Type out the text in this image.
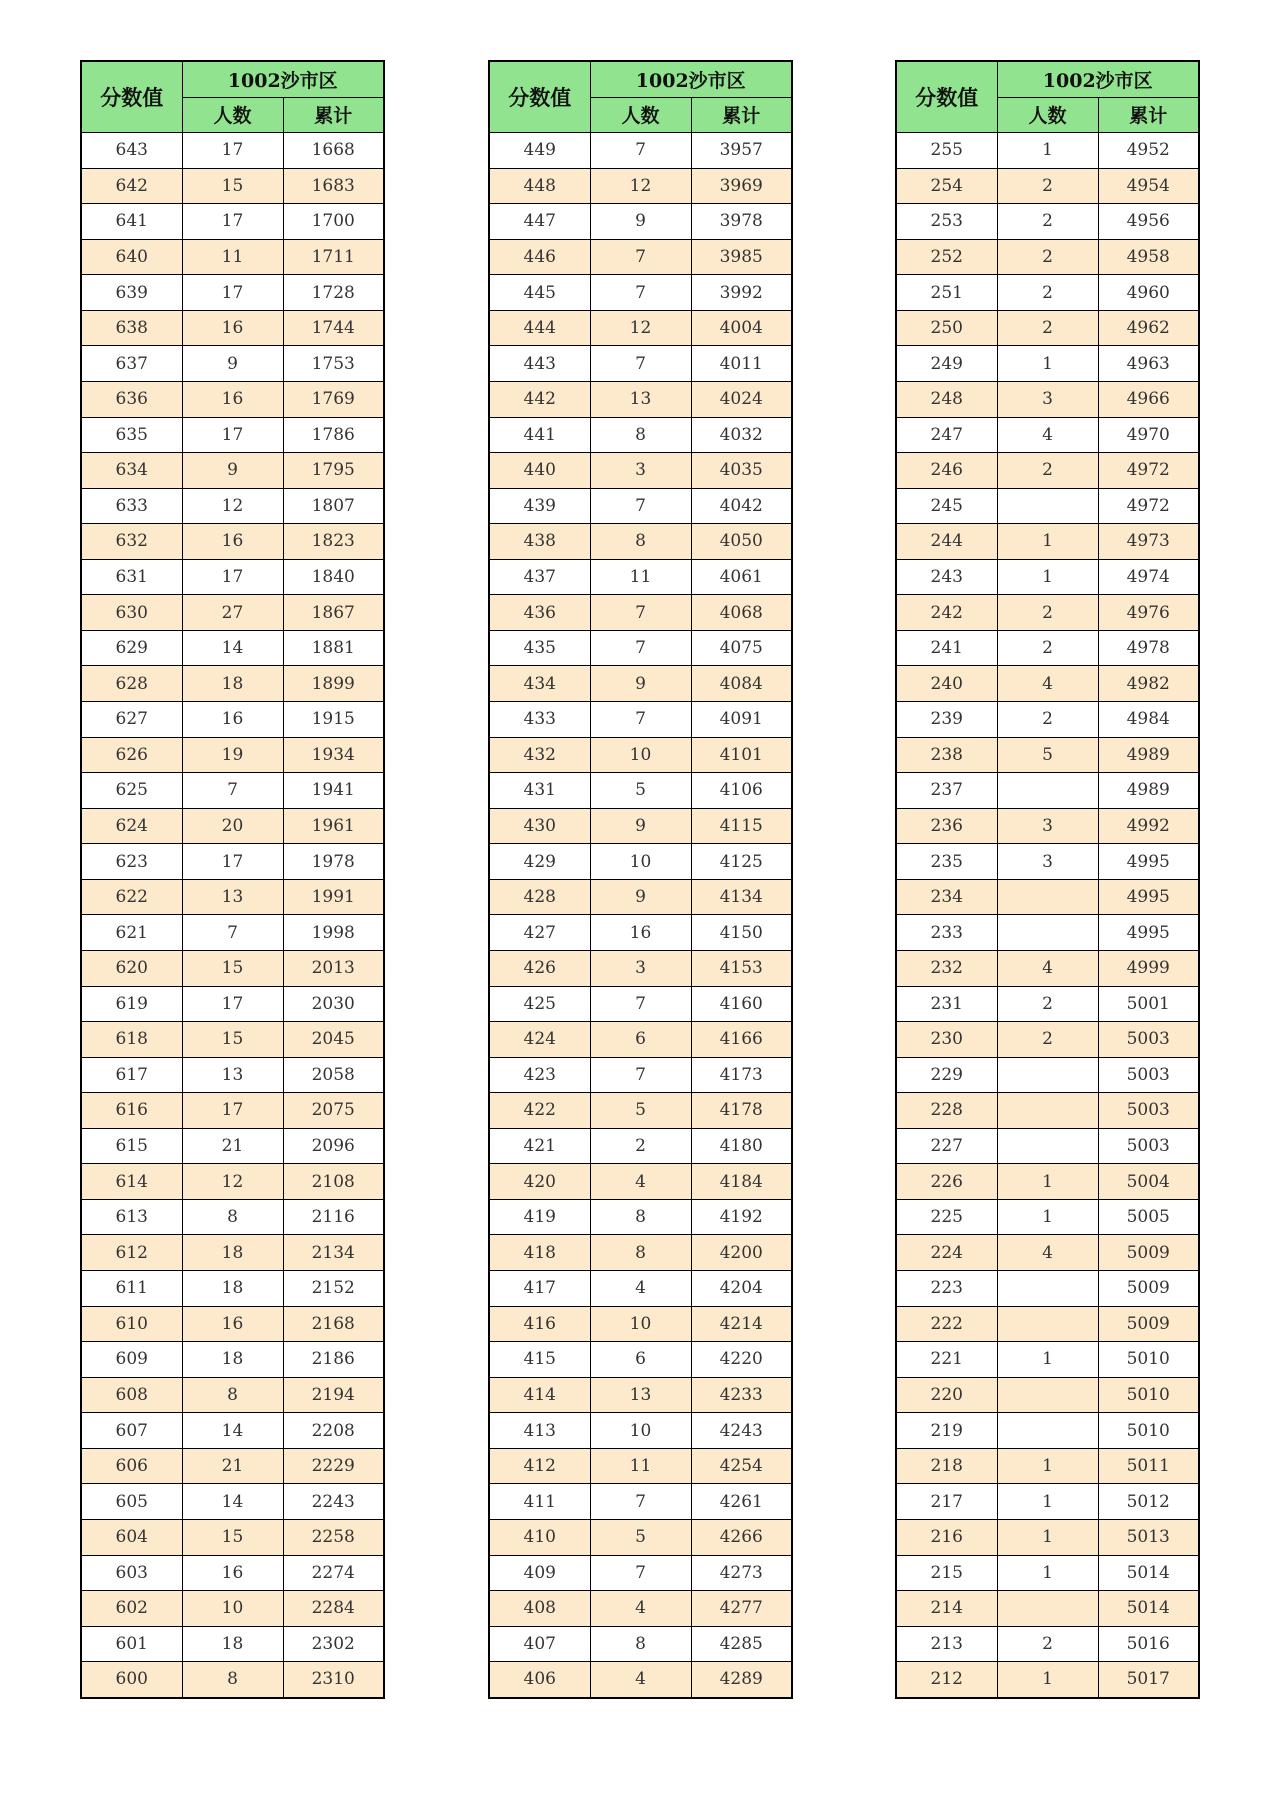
分数值	1002沙市区	
	人数	累计
643	17	1668
642	15	1683
641	17	1700
640	11	1711
639	17	1728
638	16	1744
637	9	1753
636	16	1769
635	17	1786
634	9	1795
633	12	1807
632	16	1823
631	17	1840
630	27	1867
629	14	1881
628	18	1899
627	16	1915
626	19	1934
625	7	1941
624	20	1961
623	17	1978
622	13	1991
621	7	1998
620	15	2013
619	17	2030
618	15	2045
617	13	2058
616	17	2075
615	21	2096
614	12	2108
613	8	2116
612	18	2134
611	18	2152
610	16	2168
609	18	2186
608	8	2194
607	14	2208
606	21	2229
605	14	2243
604	15	2258
603	16	2274
602	10	2284
601	18	2302
600	8	2310
分数值	1002沙市区	
	人数	累计
449	7	3957
448	12	3969
447	9	3978
446	7	3985
445	7	3992
444	12	4004
443	7	4011
442	13	4024
441	8	4032
440	3	4035
439	7	4042
438	8	4050
437	11	4061
436	7	4068
435	7	4075
434	9	4084
433	7	4091
432	10	4101
431	5	4106
430	9	4115
429	10	4125
428	9	4134
427	16	4150
426	3	4153
425	7	4160
424	6	4166
423	7	4173
422	5	4178
421	2	4180
420	4	4184
419	8	4192
418	8	4200
417	4	4204
416	10	4214
415	6	4220
414	13	4233
413	10	4243
412	11	4254
411	7	4261
410	5	4266
409	7	4273
408	4	4277
407	8	4285
406	4	4289
分数值	1002沙市区	
	人数	累计
255	1	4952
254	2	4954
253	2	4956
252	2	4958
251	2	4960
250	2	4962
249	1	4963
248	3	4966
247	4	4970
246	2	4972
245		4972
244	1	4973
243	1	4974
242	2	4976
241	2	4978
240	4	4982
239	2	4984
238	5	4989
237		4989
236	3	4992
235	3	4995
234		4995
233		4995
232	4	4999
231	2	5001
230	2	5003
229		5003
228		5003
227		5003
226	1	5004
225	1	5005
224	4	5009
223		5009
222		5009
221	1	5010
220		5010
219		5010
218	1	5011
217	1	5012
216	1	5013
215	1	5014
214		5014
213	2	5016
212	1	5017
